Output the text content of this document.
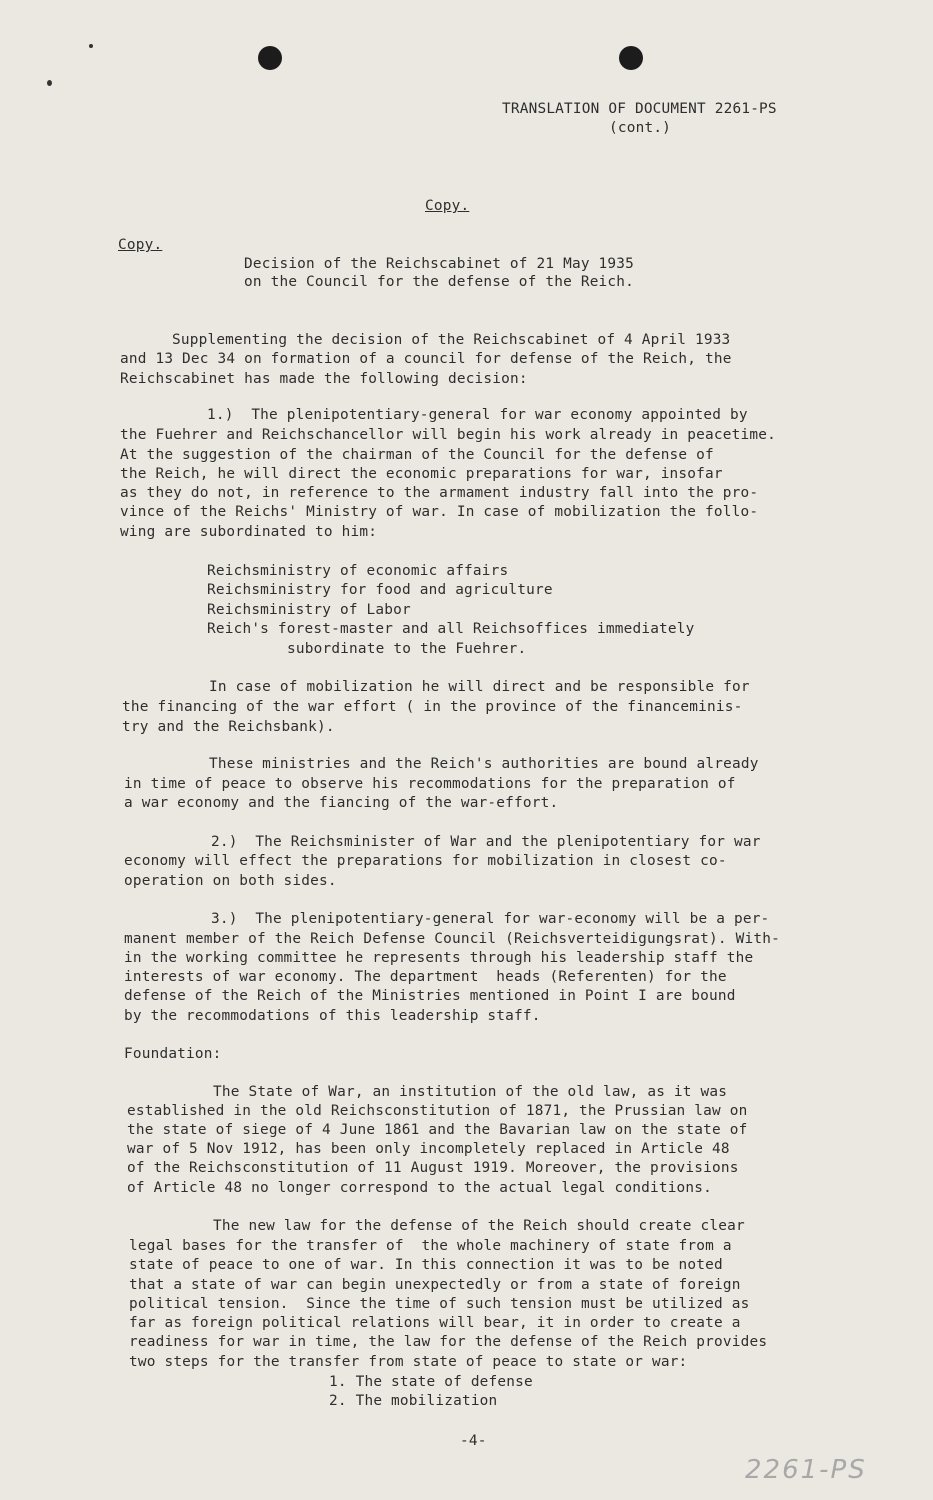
TRANSLATION OF DOCUMENT 2261-PS
(cont.)
Copy.
Copy.
Decision of the Reichscabinet of 21 May 1935
on the Council for the defense of the Reich.
Supplementing the decision of the Reichscabinet of 4 April 1933
and 13 Dec 34 on formation of a council for defense of the Reich, the
Reichscabinet has made the following decision:
1.)  The plenipotentiary-general for war economy appointed by
the Fuehrer and Reichschancellor will begin his work already in peacetime.
At the suggestion of the chairman of the Council for the defense of
the Reich, he will direct the economic preparations for war, insofar
as they do not, in reference to the armament industry fall into the pro-
vince of the Reichs' Ministry of war. In case of mobilization the follo-
wing are subordinated to him:
Reichsministry of economic affairs
Reichsministry for food and agriculture
Reichsministry of Labor
Reich's forest-master and all Reichsoffices immediately
subordinate to the Fuehrer.
In case of mobilization he will direct and be responsible for
the financing of the war effort ( in the province of the financeminis-
try and the Reichsbank).
These ministries and the Reich's authorities are bound already
in time of peace to observe his recommodations for the preparation of
a war economy and the fiancing of the war-effort.
2.)  The Reichsminister of War and the plenipotentiary for war
economy will effect the preparations for mobilization in closest co-
operation on both sides.
3.)  The plenipotentiary-general for war-economy will be a per-
manent member of the Reich Defense Council (Reichsverteidigungsrat). With-
in the working committee he represents through his leadership staff the
interests of war economy. The department  heads (Referenten) for the
defense of the Reich of the Ministries mentioned in Point I are bound
by the recommodations of this leadership staff.
Foundation:
The State of War, an institution of the old law, as it was
established in the old Reichsconstitution of 1871, the Prussian law on
the state of siege of 4 June 1861 and the Bavarian law on the state of
war of 5 Nov 1912, has been only incompletely replaced in Article 48
of the Reichsconstitution of 11 August 1919. Moreover, the provisions
of Article 48 no longer correspond to the actual legal conditions.
The new law for the defense of the Reich should create clear
legal bases for the transfer of  the whole machinery of state from a
state of peace to one of war. In this connection it was to be noted
that a state of war can begin unexpectedly or from a state of foreign
political tension.  Since the time of such tension must be utilized as
far as foreign political relations will bear, it in order to create a
readiness for war in time, the law for the defense of the Reich provides
two steps for the transfer from state of peace to state or war:
1. The state of defense
2. The mobilization
-4-
2261-PS
